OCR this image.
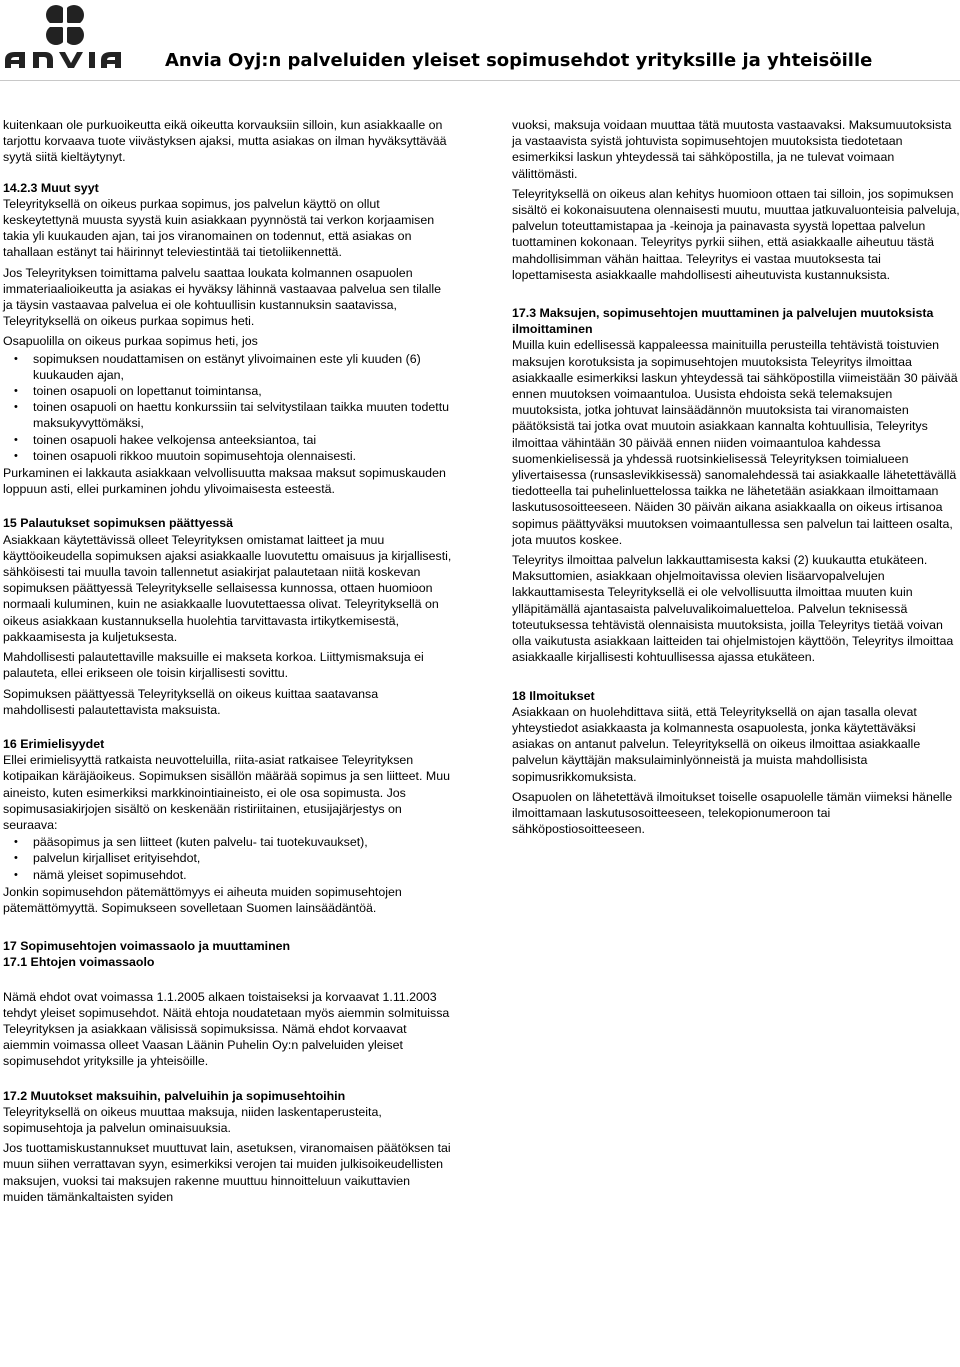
Anvia Oyj:n palveluiden yleiset sopimusehdot yrityksille ja yhteisöille

kuitenkaan ole purkuoikeutta eikä oikeutta korvauksiin silloin, kun asiakkaalle on tarjottu korvaava tuote viivästyksen ajaksi, mutta asiakas on ilman hyväksyttävää syytä siitä kieltäytynyt.

14.2.3 Muut syyt

Teleyrityksellä on oikeus purkaa sopimus, jos palvelun käyttö on ollut keskeytettynä muusta syystä kuin asiakkaan pyynnöstä tai verkon korjaamisen takia yli kuukauden ajan, tai jos viranomainen on todennut, että asiakas on tahallaan estänyt tai häirinnyt televiestintää tai tietoliikennettä.

Jos Teleyrityksen toimittama palvelu saattaa loukata kolmannen osapuolen immateriaalioikeutta ja asiakas ei hyväksy lähinnä vastaavaa palvelua sen tilalle ja täysin vastaavaa palvelua ei ole kohtuullisin kustannuksin saatavissa, Teleyrityksellä on oikeus purkaa sopimus heti.

Osapuolilla on oikeus purkaa sopimus heti, jos

• sopimuksen noudattamisen on estänyt ylivoimainen este yli kuuden (6) kuukauden ajan,
• toinen osapuoli on lopettanut toimintansa,
• toinen osapuoli on haettu konkurssiin tai selvitystilaan taikka muuten todettu maksukyvyttömäksi,
• toinen osapuoli hakee velkojensa anteeksiantoa, tai
• toinen osapuoli rikkoo muutoin sopimusehtoja olennaisesti.

Purkaminen ei lakkauta asiakkaan velvollisuutta maksaa maksut sopimuskauden loppuun asti, ellei purkaminen johdu ylivoimaisesta esteestä.

15 Palautukset sopimuksen päättyessä

Asiakkaan käytettävissä olleet Teleyrityksen omistamat laitteet ja muu käyttöoikeudella sopimuksen ajaksi asiakkaalle luovutettu omaisuus ja kirjallisesti, sähköisesti tai muulla tavoin tallennetut asiakirjat palautetaan niitä koskevan sopimuksen päättyessä Teleyritykselle sellaisessa kunnossa, ottaen huomioon normaali kuluminen, kuin ne asiakkaalle luovutettaessa olivat. Teleyrityksellä on oikeus asiakkaan kustannuksella huolehtia tarvittavasta irtikytkemisestä, pakkaamisesta ja kuljetuksesta.

Mahdollisesti palautettaville maksuille ei makseta korkoa. Liittymismaksuja ei palauteta, ellei erikseen ole toisin kirjallisesti sovittu.

Sopimuksen päättyessä Teleyrityksellä on oikeus kuittaa saatavansa mahdollisesti palautettavista maksuista.

16 Erimielisyydet

Ellei erimielisyyttä ratkaista neuvotteluilla, riita-asiat ratkaisee Teleyrityksen kotipaikan käräjäoikeus. Sopimuksen sisällön määrää sopimus ja sen liitteet. Muu aineisto, kuten esimerkiksi markkinointiaineisto, ei ole osa sopimusta. Jos sopimusasiakirjojen sisältö on keskenään ristiriitainen, etusijajärjestys on seuraava:

• pääsopimus ja sen liitteet (kuten palvelu- tai tuotekuvaukset),
• palvelun kirjalliset erityisehdot,
• nämä yleiset sopimusehdot.

Jonkin sopimusehdon pätemättömyys ei aiheuta muiden sopimusehtojen pätemättömyyttä. Sopimukseen sovelletaan Suomen lainsäädäntöä.

17 Sopimusehtojen voimassaolo ja muuttaminen
17.1 Ehtojen voimassaolo

Nämä ehdot ovat voimassa 1.1.2005 alkaen toistaiseksi ja korvaavat 1.11.2003 tehdyt yleiset sopimusehdot. Näitä ehtoja noudatetaan myös aiemmin solmituissa Teleyrityksen ja asiakkaan välisissä sopimuksissa. Nämä ehdot korvaavat aiemmin voimassa olleet Vaasan Läänin Puhelin Oy:n palveluiden yleiset sopimusehdot yrityksille ja yhteisöille.

17.2 Muutokset maksuihin, palveluihin ja sopimusehtoihin

Teleyrityksellä on oikeus muuttaa maksuja, niiden laskentaperusteita, sopimusehtoja ja palvelun ominaisuuksia.

Jos tuottamiskustannukset muuttuvat lain, asetuksen, viranomaisen päätöksen tai muun siihen verrattavan syyn, esimerkiksi verojen tai muiden julkisoikeudellisten maksujen, vuoksi tai maksujen rakenne muuttuu hinnoitteluun vaikuttavien muiden tämänkaltaisten syiden

vuoksi, maksuja voidaan muuttaa tätä muutosta vastaavaksi. Maksumuutoksista ja vastaavista syistä johtuvista sopimusehtojen muutoksista tiedotetaan esimerkiksi laskun yhteydessä tai sähköpostilla, ja ne tulevat voimaan välittömästi.

Teleyrityksellä on oikeus alan kehitys huomioon ottaen tai silloin, jos sopimuksen sisältö ei kokonaisuutena olennaisesti muutu, muuttaa jatkuvaluonteisia palveluja, palvelun toteuttamistapaa ja -keinoja ja painavasta syystä lopettaa palvelun tuottaminen kokonaan. Teleyritys pyrkii siihen, että asiakkaalle aiheutuu tästä mahdollisimman vähän haittaa. Teleyritys ei vastaa muutoksesta tai lopettamisesta asiakkaalle mahdollisesti aiheutuvista kustannuksista.

17.3 Maksujen, sopimusehtojen muuttaminen ja palvelujen muutoksista ilmoittaminen

Muilla kuin edellisessä kappaleessa mainituilla perusteilla tehtävistä toistuvien maksujen korotuksista ja sopimusehtojen muutoksista Teleyritys ilmoittaa asiakkaalle esimerkiksi laskun yhteydessä tai sähköpostilla viimeistään 30 päivää ennen muutoksen voimaantuloa. Uusista ehdoista sekä telemaksujen muutoksista, jotka johtuvat lainsäädännön muutoksista tai viranomaisten päätöksistä tai jotka ovat muutoin asiakkaan kannalta kohtuullisia, Teleyritys ilmoittaa vähintään 30 päivää ennen niiden voimaantuloa kahdessa suomenkielisessä ja yhdessä ruotsinkielisessä Teleyrityksen toimialueen ylivertaisessa (runsaslevikkisessä) sanomalehdessä tai asiakkaalle lähetettävällä tiedotteella tai puhelinluettelossa taikka ne lähetetään asiakkaan ilmoittamaan laskutusosoitteeseen. Näiden 30 päivän aikana asiakkaalla on oikeus irtisanoa sopimus päättyväksi muutoksen voimaantullessa sen palvelun tai laitteen osalta, jota muutos koskee.

Teleyritys ilmoittaa palvelun lakkauttamisesta kaksi (2) kuukautta etukäteen. Maksuttomien, asiakkaan ohjelmoitavissa olevien lisäarvopalvelujen lakkauttamisesta Teleyrityksellä ei ole velvollisuutta ilmoittaa muuten kuin ylläpitämällä ajantasaista palveluvalikoimaluetteloa. Palvelun teknisessä toteutuksessa tehtävistä olennaisista muutoksista, joilla Teleyritys tietää voivan olla vaikutusta asiakkaan laitteiden tai ohjelmistojen käyttöön, Teleyritys ilmoittaa asiakkaalle kirjallisesti kohtuullisessa ajassa etukäteen.

18 Ilmoitukset

Asiakkaan on huolehdittava siitä, että Teleyrityksellä on ajan tasalla olevat yhteystiedot asiakkaasta ja kolmannesta osapuolesta, jonka käytettäväksi asiakas on antanut palvelun. Teleyrityksellä on oikeus ilmoittaa asiakkaalle palvelun käyttäjän maksulaiminlyönneistä ja muista mahdollisista sopimusrikkomuksista.

Osapuolen on lähetettävä ilmoitukset toiselle osapuolelle tämän viimeksi hänelle ilmoittamaan laskutusosoitteeseen, telekopionumeroon tai sähköpostiosoitteeseen.
